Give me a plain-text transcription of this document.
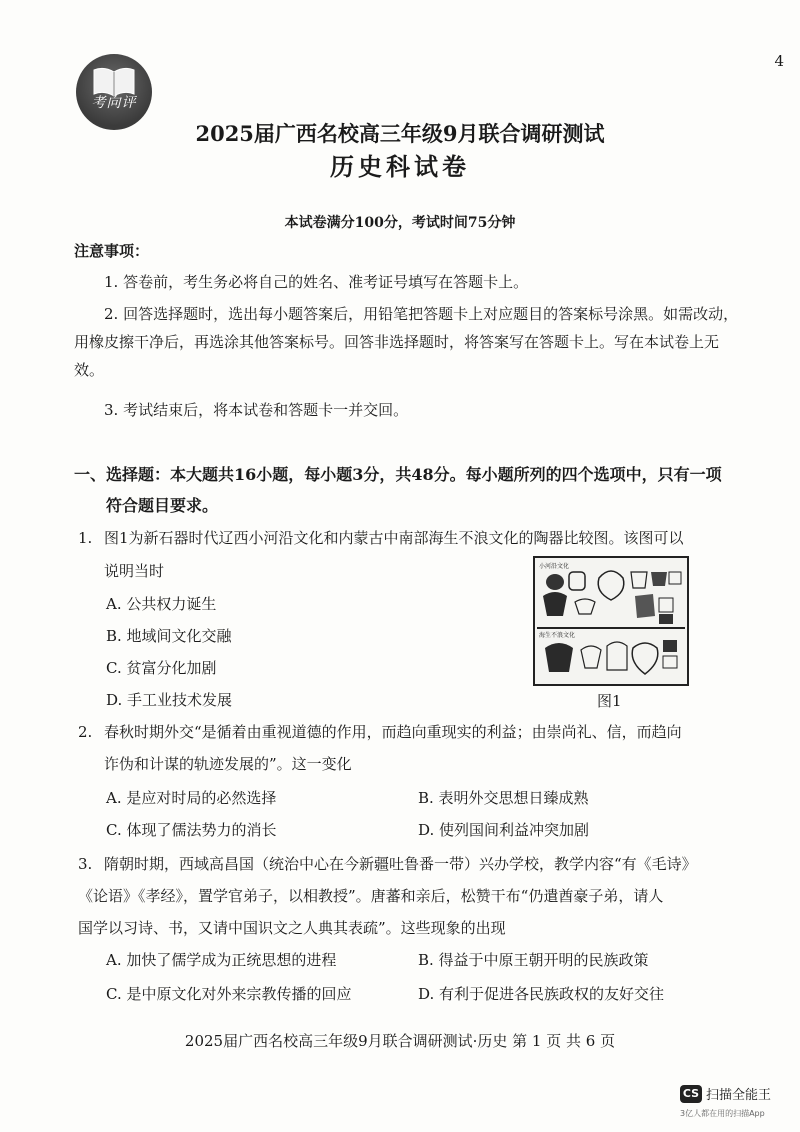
4
考向评
2025届广西名校高三年级9月联合调研测试
历史科试卷
本试卷满分100分，考试时间75分钟
注意事项：
1. 答卷前，考生务必将自己的姓名、准考证号填写在答题卡上。
2. 回答选择题时，选出每小题答案后，用铅笔把答题卡上对应题目的答案标号涂黑。如需改动，用橡皮擦干净后，再选涂其他答案标号。回答非选择题时，将答案写在答题卡上。写在本试卷上无效。
3. 考试结束后，将本试卷和答题卡一并交回。
一、选择题：本大题共16小题，每小题3分，共48分。每小题所列的四个选项中，只有一项
符合题目要求。
1. 图1为新石器时代辽西小河沿文化和内蒙古中南部海生不浪文化的陶器比较图。该图可以
说明当时
A. 公共权力诞生
B. 地域间文化交融
C. 贫富分化加剧
D. 手工业技术发展
小河沿文化
海生不浪文化
图1
2. 春秋时期外交“是循着由重视道德的作用，而趋向重现实的利益；由崇尚礼、信，而趋向
诈伪和计谋的轨迹发展的”。这一变化
A. 是应对时局的必然选择	B. 表明外交思想日臻成熟
C. 体现了儒法势力的消长	D. 使列国间利益冲突加剧
3. 隋朝时期，西域高昌国（统治中心在今新疆吐鲁番一带）兴办学校，教学内容“有《毛诗》
《论语》《孝经》，置学官弟子，以相教授”。唐蕃和亲后，松赞干布“仍遣酋豪子弟，请人
国学以习诗、书，又请中国识文之人典其表疏”。这些现象的出现
A. 加快了儒学成为正统思想的进程	B. 得益于中原王朝开明的民族政策
C. 是中原文化对外来宗教传播的回应	D. 有利于促进各民族政权的友好交往
2025届广西名校高三年级9月联合调研测试·历史 第 1 页 共 6 页
CS 扫描全能王
3亿人都在用的扫描App
